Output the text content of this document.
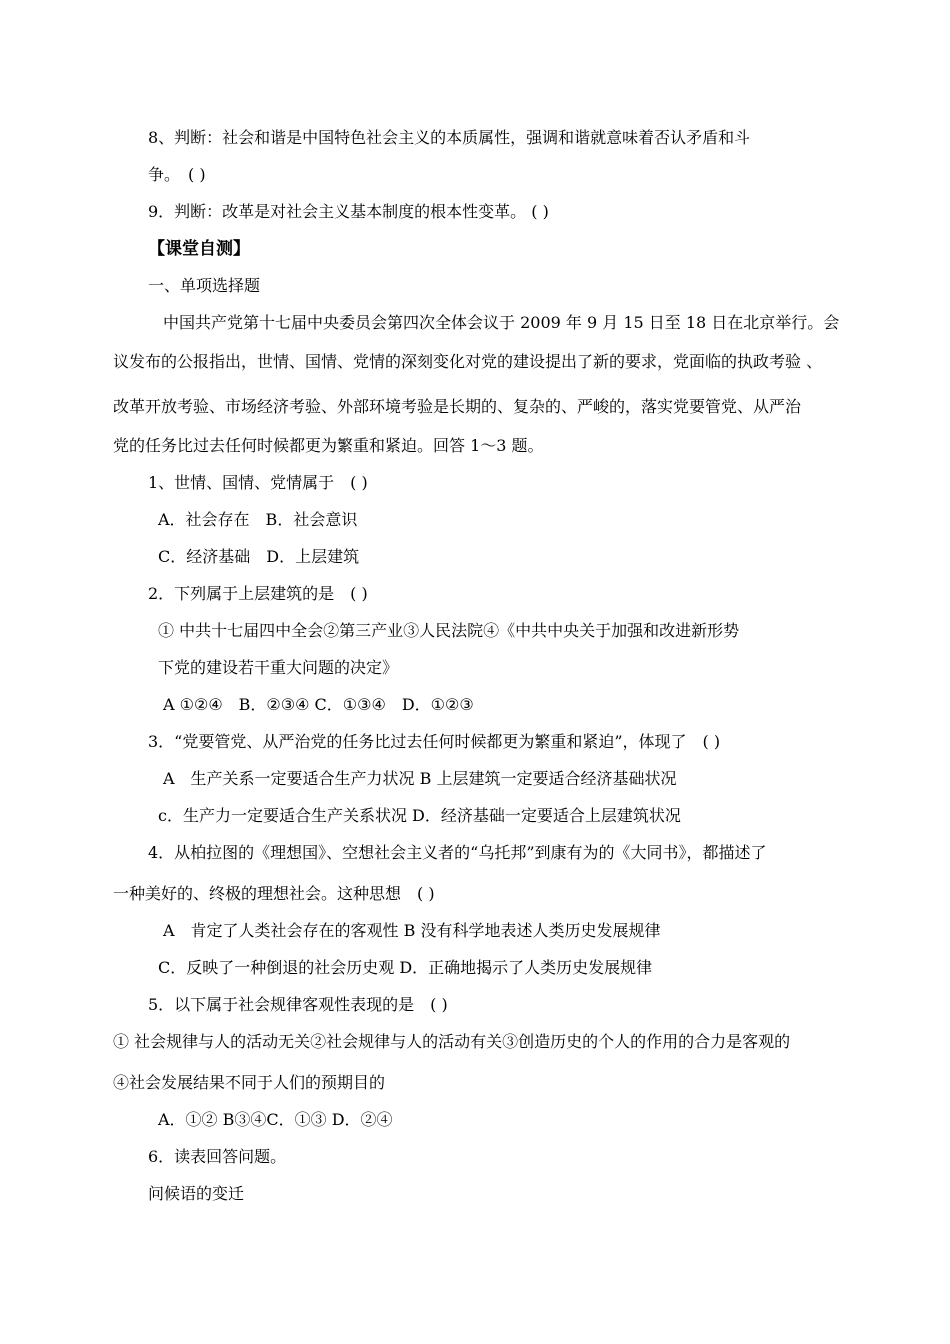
8、判断：社会和谐是中国特色社会主义的本质属性，强调和谐就意味着否认矛盾和斗
争。　( )
9．判断：改革是对社会主义基本制度的根本性变革。 ( )
【课堂自测】
一、单项选择题
中国共产党第十七届中央委员会第四次全体会议于 2009 年 9 月 15 日至 18 日在北京举行。会
议发布的公报指出，世情、国情、党情的深刻变化对党的建设提出了新的要求，党面临的执政考验 、
改革开放考验、市场经济考验、外部环境考验是长期的、复杂的、严峻的，落实党要管党、从严治
党的任务比过去任何时候都更为繁重和紧迫。回答 1～3 题。
1、世情、国情、党情属于　( )
A．社会存在　B．社会意识
C．经济基础　D．上层建筑
2．下列属于上层建筑的是　( )
① 中共十七届四中全会②第三产业③人民法院④《中共中央关于加强和改进新形势
下党的建设若干重大问题的决定》
A ①②④　B．②③④ C．①③④　D．①②③
3．“党要管党、从严治党的任务比过去任何时候都更为繁重和紧迫”，体现了　( )
A　生产关系一定要适合生产力状况 B 上层建筑一定要适合经济基础状况
c．生产力一定要适合生产关系状况 D．经济基础一定要适合上层建筑状况
4．从柏拉图的《理想国》、空想社会主义者的“乌托邦”到康有为的《大同书》，都描述了
一种美好的、终极的理想社会。这种思想　( )
A　肯定了人类社会存在的客观性 B 没有科学地表述人类历史发展规律
C．反映了一种倒退的社会历史观 D．正确地揭示了人类历史发展规律
5．以下属于社会规律客观性表现的是　( )
① 社会规律与人的活动无关②社会规律与人的活动有关③创造历史的个人的作用的合力是客观的
④社会发展结果不同于人们的预期目的
A．①② B③④C．①③ D．②④
6．读表回答问题。
问候语的变迁
